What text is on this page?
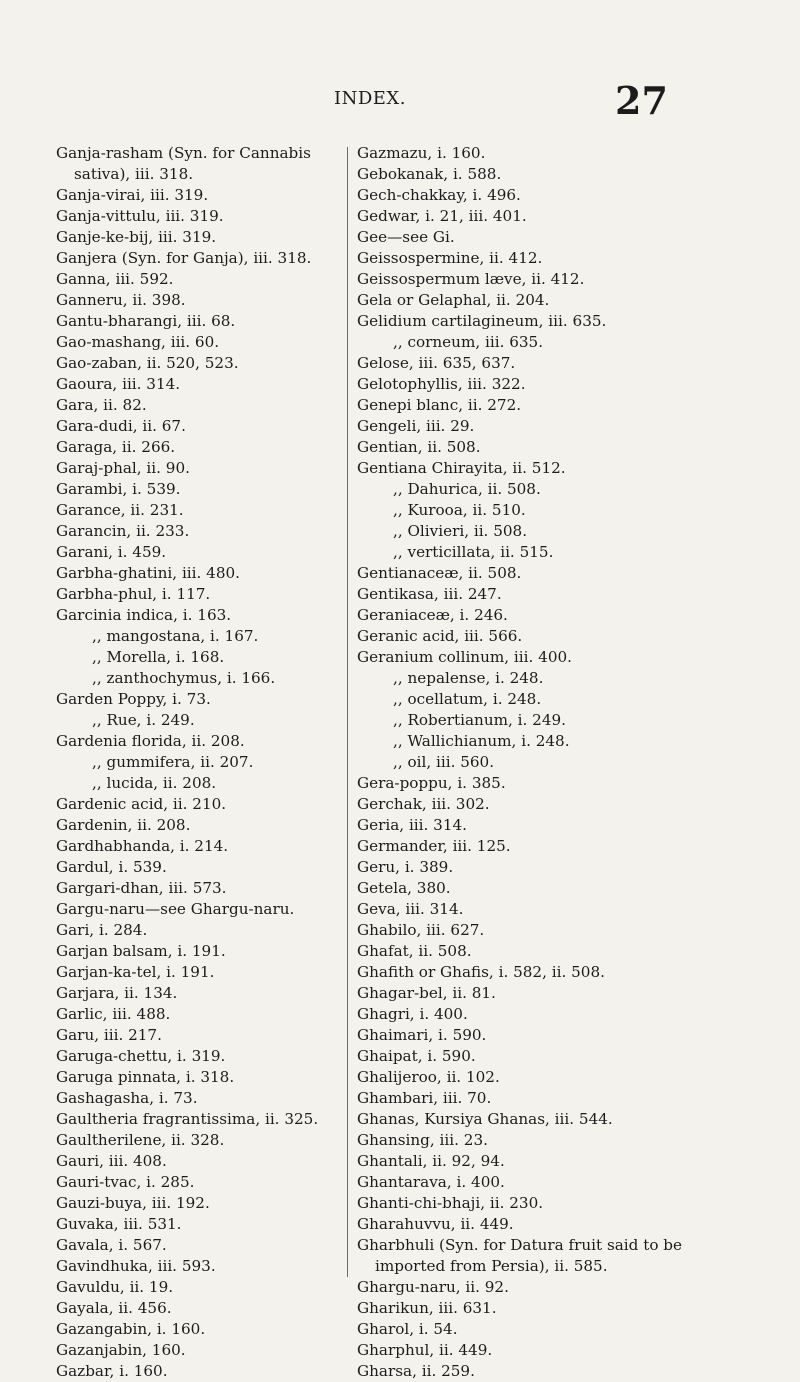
INDEX.	27
Ganja-rasham (Syn. for Cannabis sativa), iii. 318.
Ganja-virai, iii. 319.
Ganja-vittulu, iii. 319.
Ganje-ke-bij, iii. 319.
Ganjera (Syn. for Ganja), iii. 318.
Ganna, iii. 592.
Ganneru, ii. 398.
Gantu-bharangi, iii. 68.
Gao-mashang, iii. 60.
Gao-zaban, ii. 520, 523.
Gaoura, iii. 314.
Gara, ii. 82.
Gara-dudi, ii. 67.
Garaga, ii. 266.
Garaj-phal, ii. 90.
Garambi, i. 539.
Garance, ii. 231.
Garancin, ii. 233.
Garani, i. 459.
Garbha-ghatini, iii. 480.
Garbha-phul, i. 117.
Garcinia indica, i. 163.
,, mangostana, i. 167.
,, Morella, i. 168.
,, zanthochymus, i. 166.
Garden Poppy, i. 73.
,, Rue, i. 249.
Gardenia florida, ii. 208.
,, gummifera, ii. 207.
,, lucida, ii. 208.
Gardenic acid, ii. 210.
Gardenin, ii. 208.
Gardhabhanda, i. 214.
Gardul, i. 539.
Gargari-dhan, iii. 573.
Gargu-naru—see Ghargu-naru.
Gari, i. 284.
Garjan balsam, i. 191.
Garjan-ka-tel, i. 191.
Garjara, ii. 134.
Garlic, iii. 488.
Garu, iii. 217.
Garuga-chettu, i. 319.
Garuga pinnata, i. 318.
Gashagasha, i. 73.
Gaultheria fragrantissima, ii. 325.
Gaultherilene, ii. 328.
Gauri, iii. 408.
Gauri-tvac, i. 285.
Gauzi-buya, iii. 192.
Guvaka, iii. 531.
Gavala, i. 567.
Gavindhuka, iii. 593.
Gavuldu, ii. 19.
Gayala, ii. 456.
Gazangabin, i. 160.
Gazanjabin, 160.
Gazbar, i. 160.
Gazmazu, i. 160.
Gebokanak, i. 588.
Gech-chakkay, i. 496.
Gedwar, i. 21, iii. 401.
Gee—see Gi.
Geissospermine, ii. 412.
Geissospermum læve, ii. 412.
Gela or Gelaphal, ii. 204.
Gelidium cartilagineum, iii. 635.
,, corneum, iii. 635.
Gelose, iii. 635, 637.
Gelotophyllis, iii. 322.
Genepi blanc, ii. 272.
Gengeli, iii. 29.
Gentian, ii. 508.
Gentiana Chirayita, ii. 512.
,, Dahurica, ii. 508.
,, Kurooa, ii. 510.
,, Olivieri, ii. 508.
,, verticillata, ii. 515.
Gentianaceæ, ii. 508.
Gentikasa, iii. 247.
Geraniaceæ, i. 246.
Geranic acid, iii. 566.
Geranium collinum, iii. 400.
,, nepalense, i. 248.
,, ocellatum, i. 248.
,, Robertianum, i. 249.
,, Wallichianum, i. 248.
,, oil, iii. 560.
Gera-poppu, i. 385.
Gerchak, iii. 302.
Geria, iii. 314.
Germander, iii. 125.
Geru, i. 389.
Getela, 380.
Geva, iii. 314.
Ghabilo, iii. 627.
Ghafat, ii. 508.
Ghafith or Ghafis, i. 582, ii. 508.
Ghagar-bel, ii. 81.
Ghagri, i. 400.
Ghaimari, i. 590.
Ghaipat, i. 590.
Ghalijeroo, ii. 102.
Ghambari, iii. 70.
Ghanas, Kursiya Ghanas, iii. 544.
Ghansing, iii. 23.
Ghantali, ii. 92, 94.
Ghantarava, i. 400.
Ghanti-chi-bhaji, ii. 230.
Gharahuvvu, ii. 449.
Gharbhuli (Syn. for Datura fruit said to be imported from Persia), ii. 585.
Ghargu-naru, ii. 92.
Gharikun, iii. 631.
Gharol, i. 54.
Gharphul, ii. 449.
Gharsa, ii. 259.
